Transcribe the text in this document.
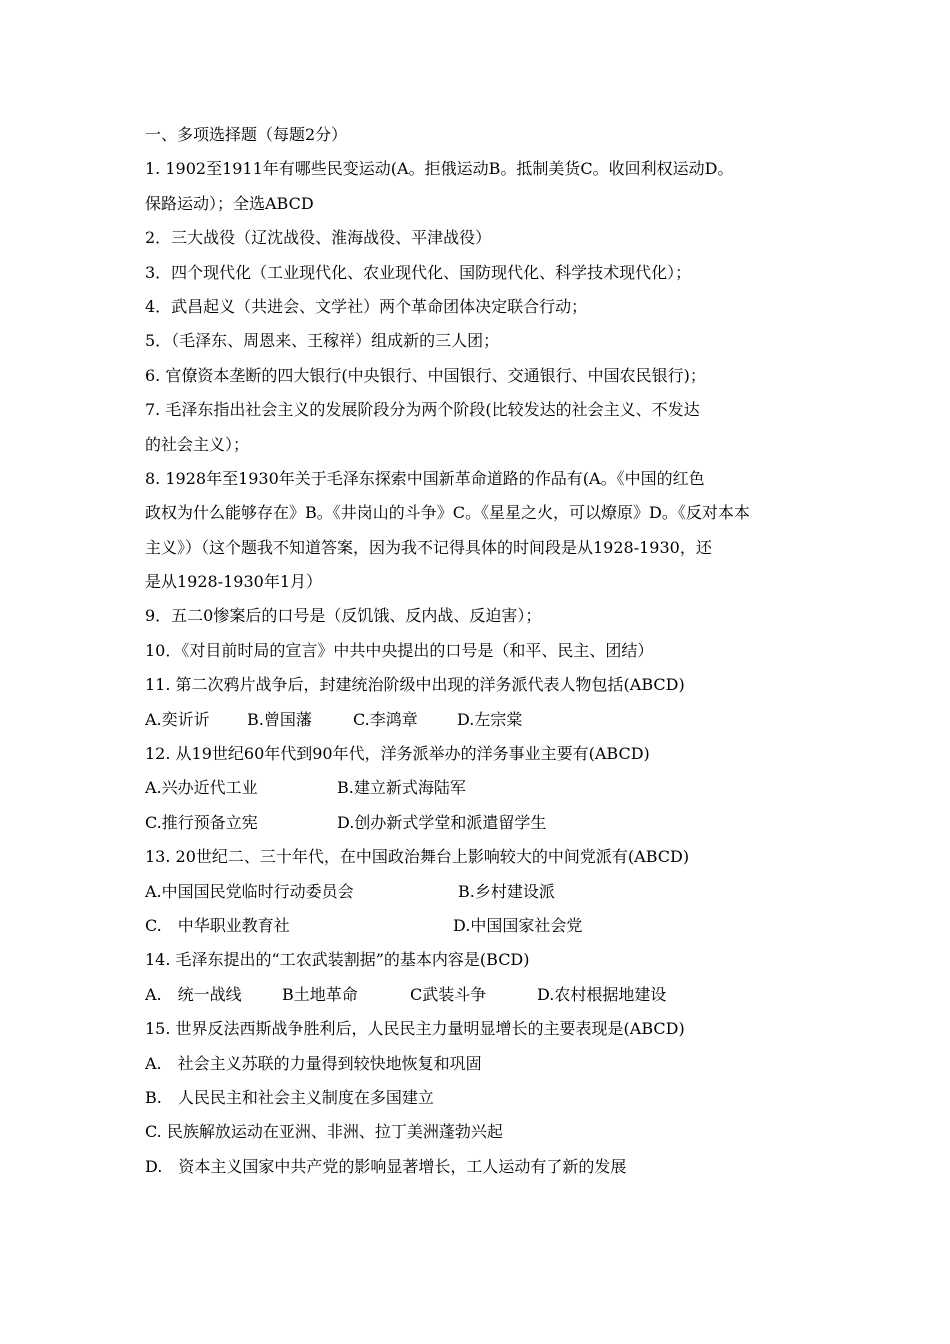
一、多项选择题（每题2分）
1. 1902至1911年有哪些民变运动(A。拒俄运动B。抵制美货C。收回利权运动D。
保路运动）；全选ABCD
2．三大战役（辽沈战役、淮海战役、平津战役）
3．四个现代化（工业现代化、农业现代化、国防现代化、科学技术现代化）；
4．武昌起义（共进会、文学社）两个革命团体决定联合行动；
5．（毛泽东、周恩来、王稼祥）组成新的三人团；
6. 官僚资本垄断的四大银行(中央银行、中国银行、交通银行、中国农民银行)；
7. 毛泽东指出社会主义的发展阶段分为两个阶段(比较发达的社会主义、不发达
的社会主义）；
8. 1928年至1930年关于毛泽东探索中国新革命道路的作品有(A。《中国的红色
政权为什么能够存在》B。《井岗山的斗争》C。《星星之火，可以燎原》D。《反对本本
主义》）（这个题我不知道答案，因为我不记得具体的时间段是从1928-1930，还
是从1928-1930年1月）
9．五二0惨案后的口号是（反饥饿、反内战、反迫害）；
10．《对目前时局的宣言》中共中央提出的口号是（和平、民主、团结）
11. 第二次鸦片战争后，封建统治阶级中出现的洋务派代表人物包括(ABCD)
A.奕䜣䜣	B.曾国藩	C.李鸿章	D.左宗棠
12. 从19世纪60年代到90年代，洋务派举办的洋务事业主要有(ABCD)
A.兴办近代工业	B.建立新式海陆军
C.推行预备立宪	D.创办新式学堂和派遣留学生
13. 20世纪二、三十年代，在中国政治舞台上影响较大的中间党派有(ABCD)
A.中国国民党临时行动委员会	B.乡村建设派
C.　中华职业教育社	D.中国国家社会党
14. 毛泽东提出的“工农武装割据”的基本内容是(BCD)
A.　统一战线	B土地革命	C武装斗争	D.农村根据地建设
15. 世界反法西斯战争胜利后，人民民主力量明显增长的主要表现是(ABCD)
A.　社会主义苏联的力量得到较快地恢复和巩固
B.　人民民主和社会主义制度在多国建立
C. 民族解放运动在亚洲、非洲、拉丁美洲蓬勃兴起
D.　资本主义国家中共产党的影响显著增长，工人运动有了新的发展
